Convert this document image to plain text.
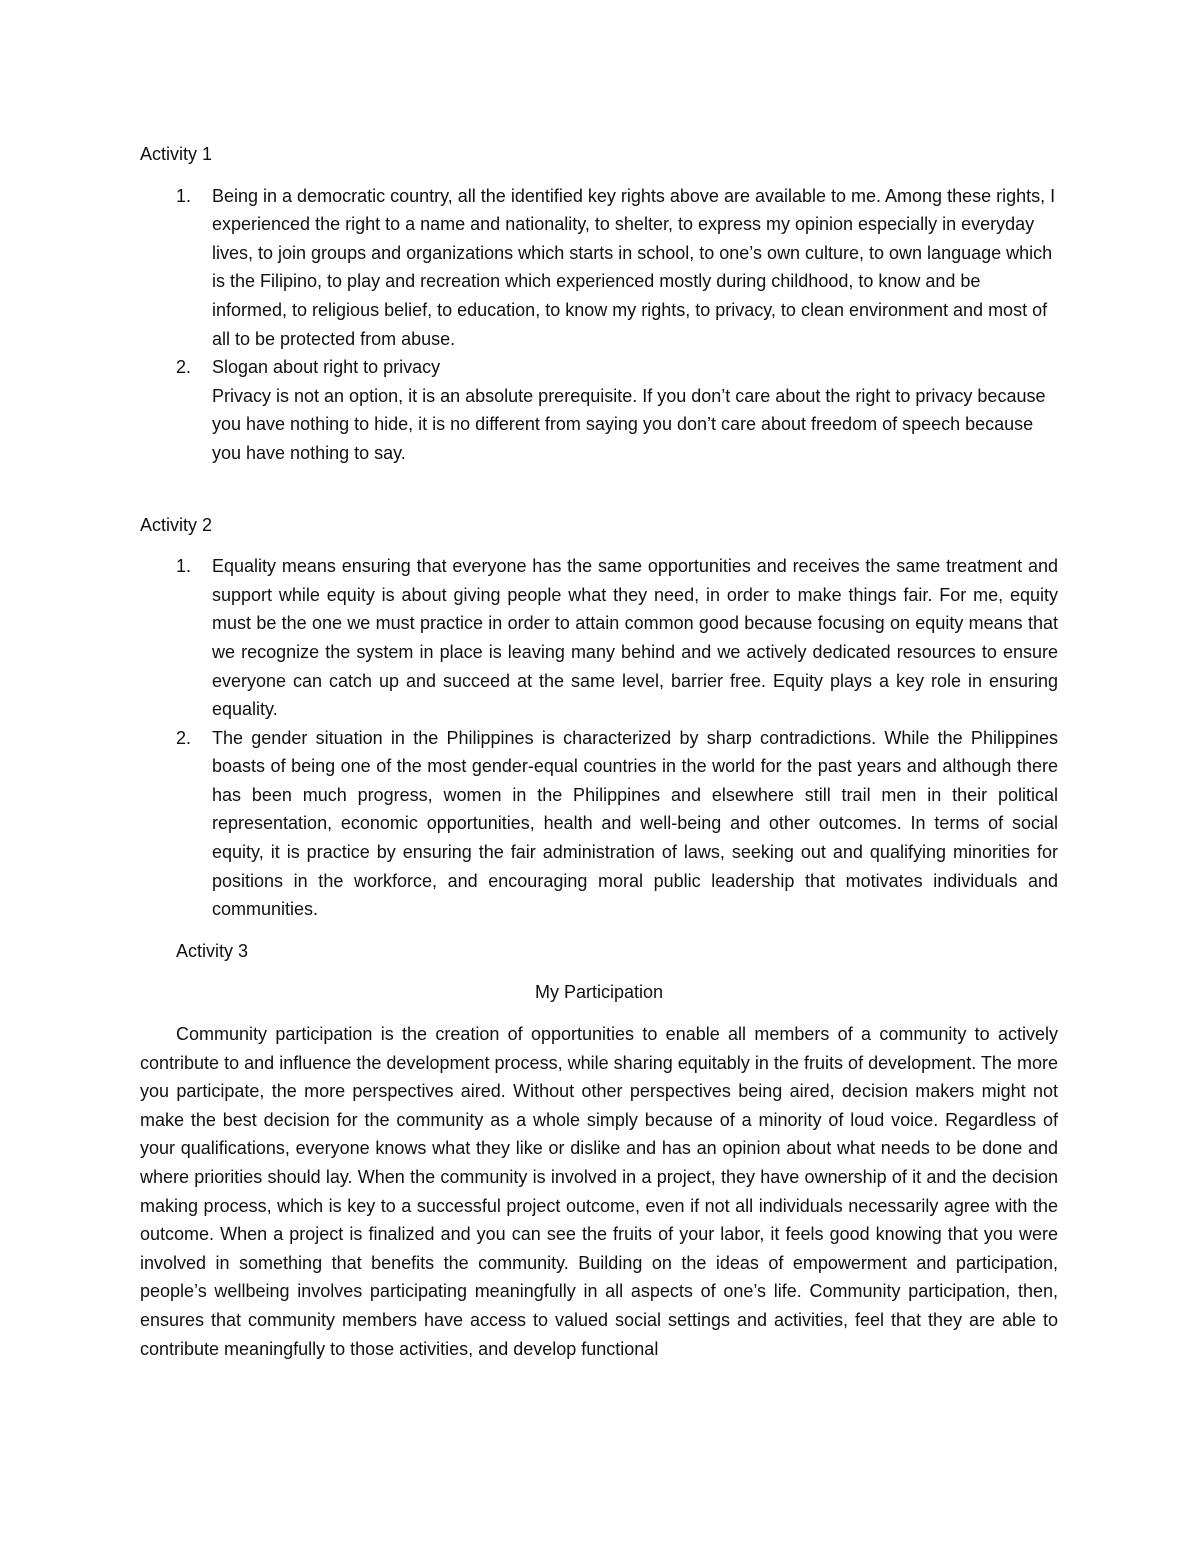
Activity 1
1. Being in a democratic country, all the identified key rights above are available to me. Among these rights, I experienced the right to a name and nationality, to shelter, to express my opinion especially in everyday lives, to join groups and organizations which starts in school, to one’s own culture, to own language which is the Filipino, to play and recreation which experienced mostly during childhood, to know and be informed, to religious belief, to education, to know my rights, to privacy, to clean environment and most of all to be protected from abuse.
2. Slogan about right to privacy
Privacy is not an option, it is an absolute prerequisite. If you don’t care about the right to privacy because you have nothing to hide, it is no different from saying you don’t care about freedom of speech because you have nothing to say.
Activity 2
1. Equality means ensuring that everyone has the same opportunities and receives the same treatment and support while equity is about giving people what they need, in order to make things fair. For me, equity must be the one we must practice in order to attain common good because focusing on equity means that we recognize the system in place is leaving many behind and we actively dedicated resources to ensure everyone can catch up and succeed at the same level, barrier free. Equity plays a key role in ensuring equality.
2. The gender situation in the Philippines is characterized by sharp contradictions. While the Philippines boasts of being one of the most gender-equal countries in the world for the past years and although there has been much progress, women in the Philippines and elsewhere still trail men in their political representation, economic opportunities, health and well-being and other outcomes. In terms of social equity, it is practice by ensuring the fair administration of laws, seeking out and qualifying minorities for positions in the workforce, and encouraging moral public leadership that motivates individuals and communities.
Activity 3

My Participation

Community participation is the creation of opportunities to enable all members of a community to actively contribute to and influence the development process, while sharing equitably in the fruits of development. The more you participate, the more perspectives aired. Without other perspectives being aired, decision makers might not make the best decision for the community as a whole simply because of a minority of loud voice. Regardless of your qualifications, everyone knows what they like or dislike and has an opinion about what needs to be done and where priorities should lay. When the community is involved in a project, they have ownership of it and the decision making process, which is key to a successful project outcome, even if not all individuals necessarily agree with the outcome. When a project is finalized and you can see the fruits of your labor, it feels good knowing that you were involved in something that benefits the community. Building on the ideas of empowerment and participation, people’s wellbeing involves participating meaningfully in all aspects of one’s life. Community participation, then, ensures that community members have access to valued social settings and activities, feel that they are able to contribute meaningfully to those activities, and develop functional
